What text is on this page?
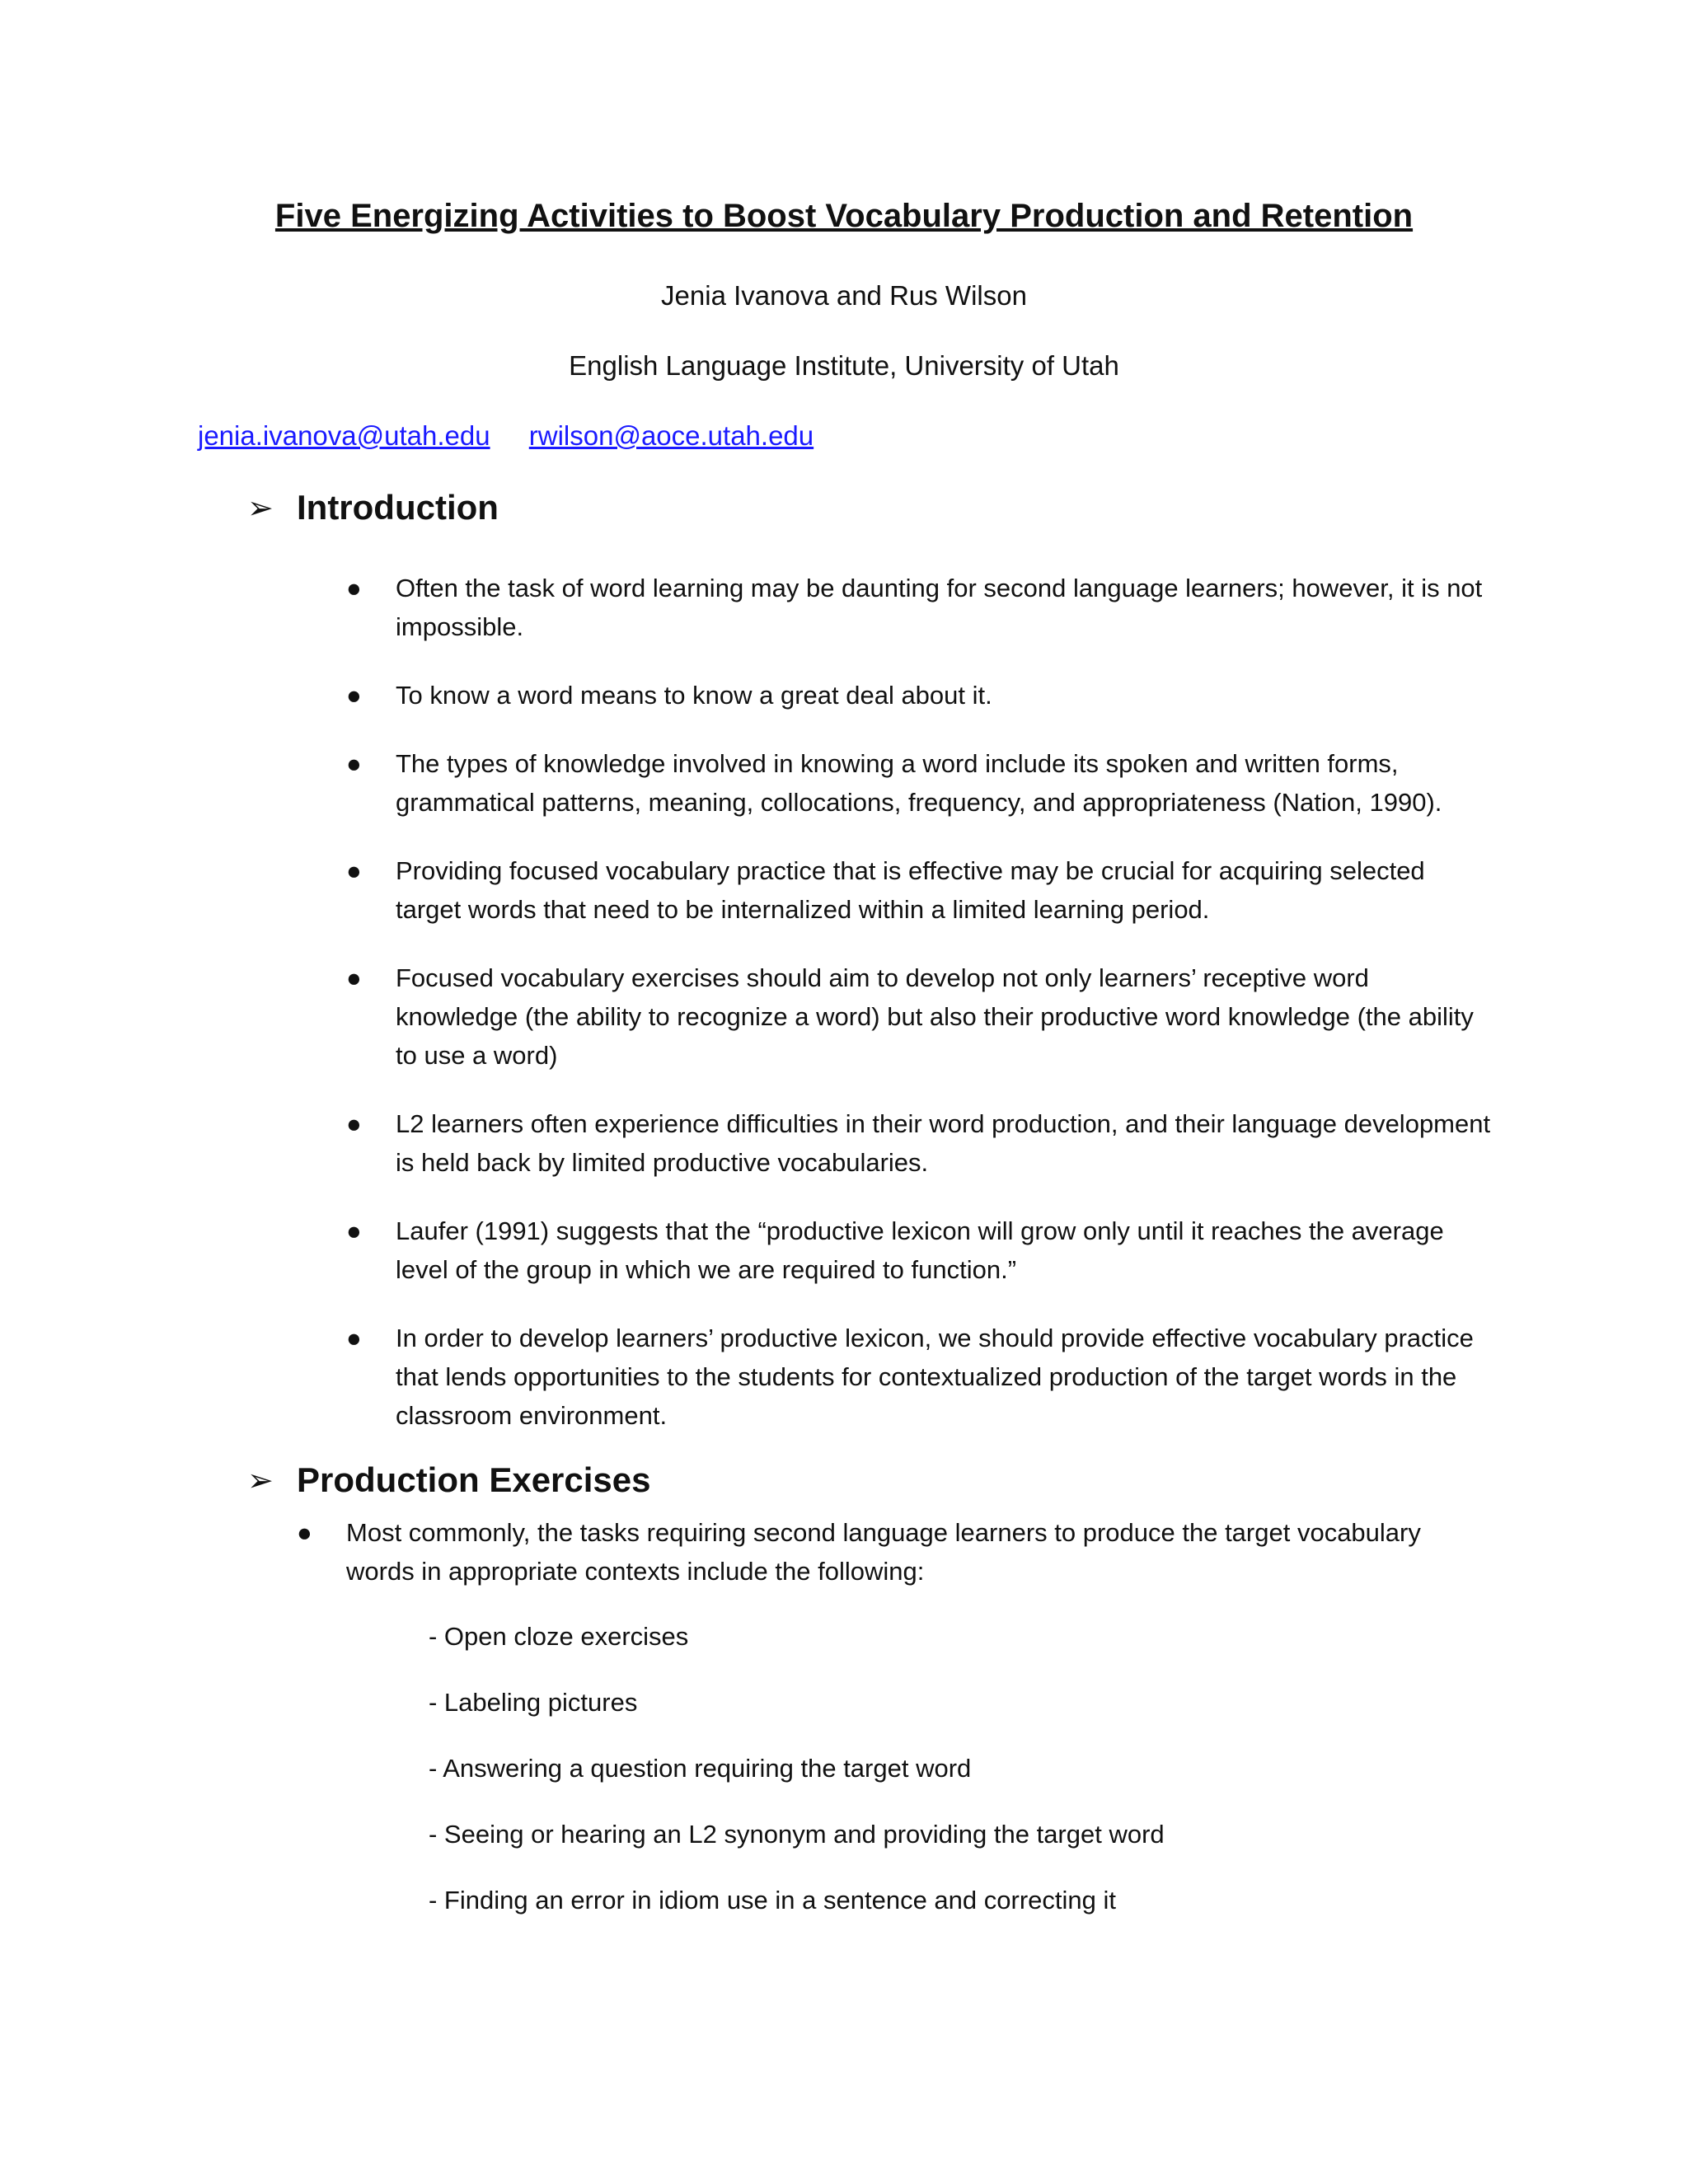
Five Energizing Activities to Boost Vocabulary Production and Retention
Jenia Ivanova and Rus Wilson
English Language Institute, University of Utah
jenia.ivanova@utah.edu rwilson@aoce.utah.edu
➢ Introduction
● Often the task of word learning may be daunting for second language learners; however, it is not impossible.
● To know a word means to know a great deal about it.
● The types of knowledge involved in knowing a word include its spoken and written forms, grammatical patterns, meaning, collocations, frequency, and appropriateness (Nation, 1990).
● Providing focused vocabulary practice that is effective may be crucial for acquiring selected target words that need to be internalized within a limited learning period.
● Focused vocabulary exercises should aim to develop not only learners’ receptive word knowledge (the ability to recognize a word) but also their productive word knowledge (the ability to use a word)
● L2 learners often experience difficulties in their word production, and their language development is held back by limited productive vocabularies.
● Laufer (1991) suggests that the “productive lexicon will grow only until it reaches the average level of the group in which we are required to function.”
● In order to develop learners’ productive lexicon, we should provide effective vocabulary practice that lends opportunities to the students for contextualized production of the target words in the classroom environment.
➢ Production Exercises
● Most commonly, the tasks requiring second language learners to produce the target vocabulary words in appropriate contexts include the following:
- Open cloze exercises
- Labeling pictures
- Answering a question requiring the target word
- Seeing or hearing an L2 synonym and providing the target word
- Finding an error in idiom use in a sentence and correcting it
